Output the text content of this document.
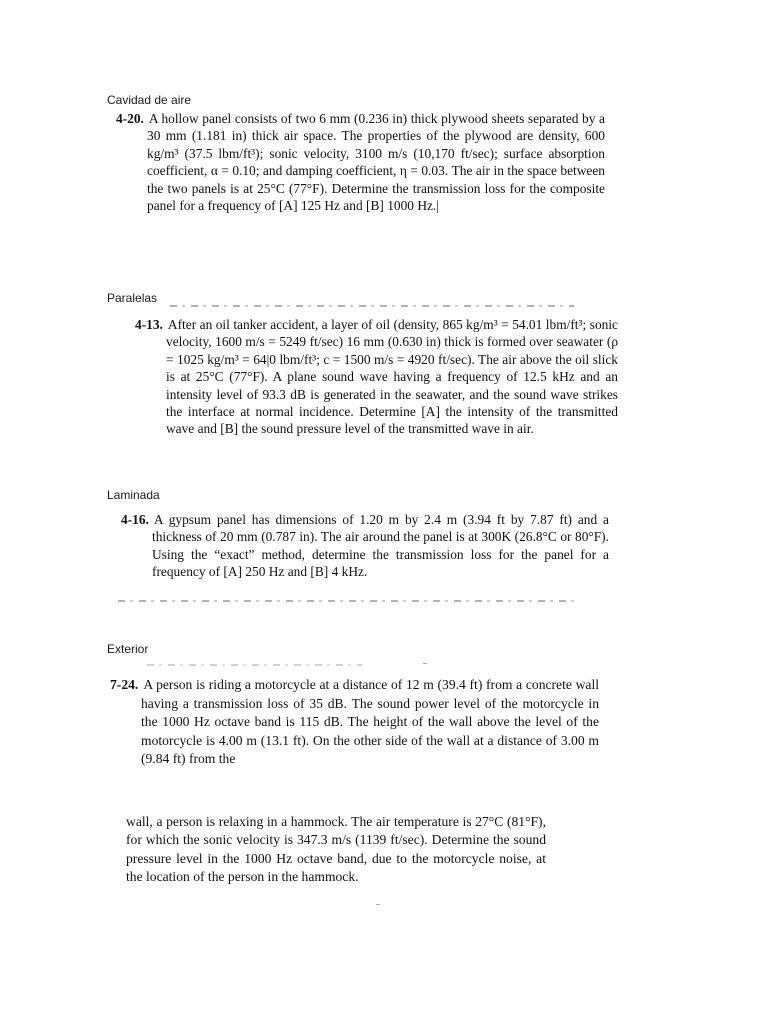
Cavidad de aire
4-20. A hollow panel consists of two 6 mm (0.236 in) thick plywood sheets separated by a 30 mm (1.181 in) thick air space. The properties of the plywood are density, 600 kg/m³ (37.5 lbm/ft³); sonic velocity, 3100 m/s (10,170 ft/sec); surface absorption coefficient, α = 0.10; and damping coefficient, η = 0.03. The air in the space between the two panels is at 25°C (77°F). Determine the transmission loss for the composite panel for a frequency of [A] 125 Hz and [B] 1000 Hz.|
Paralelas
4-13. After an oil tanker accident, a layer of oil (density, 865 kg/m³ = 54.01 lbm/ft³; sonic velocity, 1600 m/s = 5249 ft/sec) 16 mm (0.630 in) thick is formed over seawater (ρ = 1025 kg/m³ = 64|0 lbm/ft³; c = 1500 m/s = 4920 ft/sec). The air above the oil slick is at 25°C (77°F). A plane sound wave having a frequency of 12.5 kHz and an intensity level of 93.3 dB is generated in the seawater, and the sound wave strikes the interface at normal incidence. Determine [A] the intensity of the transmitted wave and [B] the sound pressure level of the transmitted wave in air.
Laminada
4-16. A gypsum panel has dimensions of 1.20 m by 2.4 m (3.94 ft by 7.87 ft) and a thickness of 20 mm (0.787 in). The air around the panel is at 300K (26.8°C or 80°F). Using the “exact” method, determine the transmission loss for the panel for a frequency of [A] 250 Hz and [B] 4 kHz.
Exterior
7-24. A person is riding a motorcycle at a distance of 12 m (39.4 ft) from a concrete wall having a transmission loss of 35 dB. The sound power level of the motorcycle in the 1000 Hz octave band is 115 dB. The height of the wall above the level of the motorcycle is 4.00 m (13.1 ft). On the other side of the wall at a distance of 3.00 m (9.84 ft) from the
wall, a person is relaxing in a hammock. The air temperature is 27°C (81°F), for which the sonic velocity is 347.3 m/s (1139 ft/sec). Determine the sound pressure level in the 1000 Hz octave band, due to the motorcycle noise, at the location of the person in the hammock.
